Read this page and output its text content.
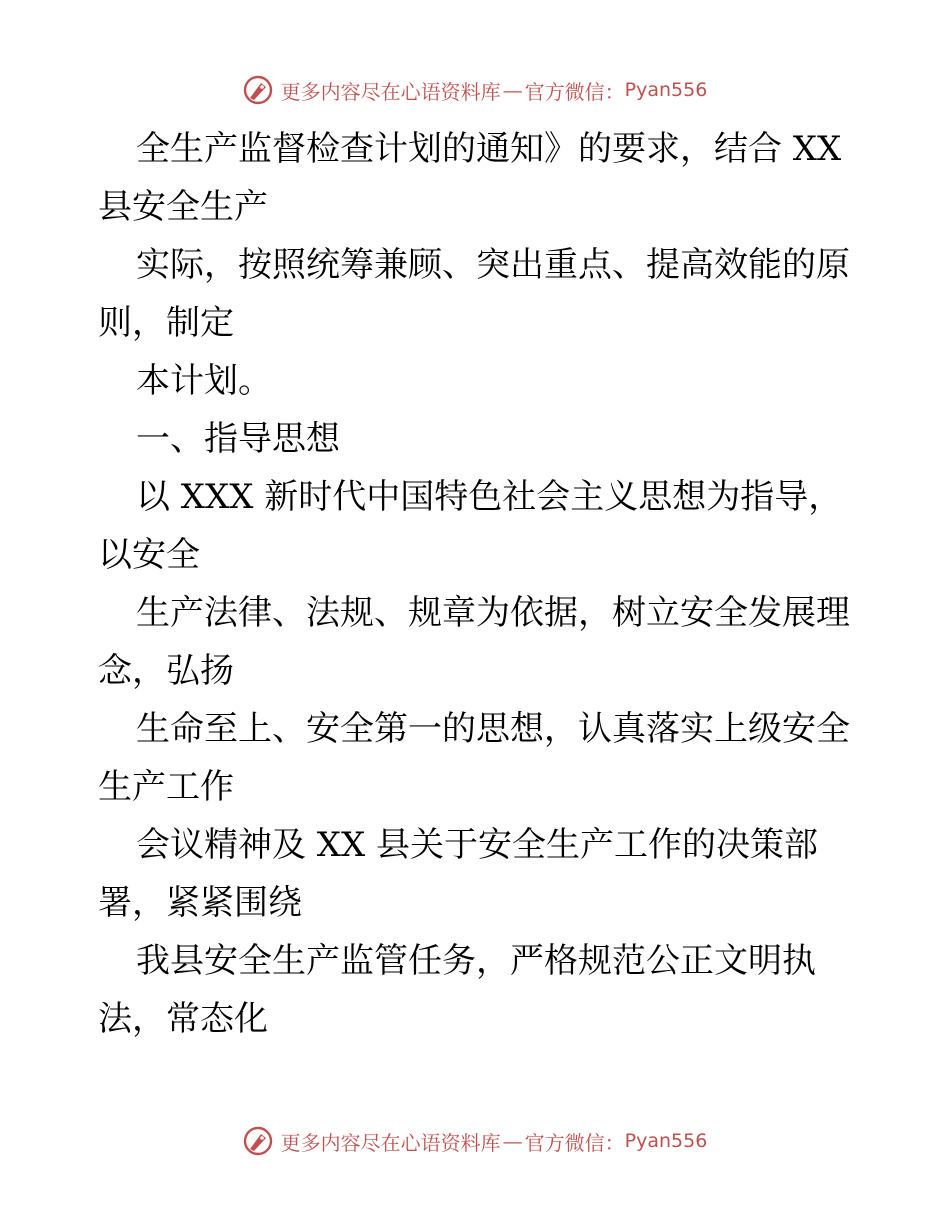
更多内容尽在心语资料库 — 官方微信： Pyan556
全生产监督检查计划的通知》的要求，结合 XX
县安全生产
实际，按照统筹兼顾、突出重点、提高效能的原
则，制定
本计划。
一、指导思想
以 XXX 新时代中国特色社会主义思想为指导，
以安全
生产法律、法规、规章为依据，树立安全发展理
念，弘扬
生命至上、安全第一的思想，认真落实上级安全
生产工作
会议精神及 XX 县关于安全生产工作的决策部
署，紧紧围绕
我县安全生产监管任务，严格规范公正文明执
法，常态化
更多内容尽在心语资料库 — 官方微信： Pyan556
